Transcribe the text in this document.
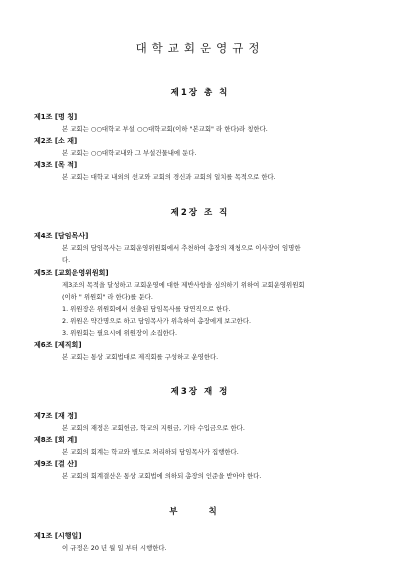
대학교회운영규정
제1장 총 칙
제1조 [명 칭]
본 교회는 ○○대학교 부설 ○○대학교회(이하 "본교회" 라 한다)라 칭한다.
제2조 [소 재]
본 교회는 ○○대학교내와 그 부설건물내에 둔다.
제3조 [목 적]
본 교회는 대학교 내외의 선교와 교회의 경신과 교회의 일치를 목적으로 한다.
제2장 조 직
제4조 [담임목사]
본 교회의 담임목사는 교회운영위원회에서 추천하여 총장의 재청으로 이사장이 임명한
다.
제5조 [교회운영위원회]
제3조의 목적을 달성하고 교회운영에 대한 제반사항을 심의하기 위하여 교회운영위원회
(이하 " 위원회" 라 한다)를 둔다.
1. 위원장은 위원회에서 선출된 담임목사를 당연직으로 한다.
2. 위원은 약간명으로 하고 담임목사가 위촉하여 총장에게 보고한다.
3. 위원회는 필요시에 위원장이 소집한다.
제6조 [제직회]
본 교회는 통상 교회법대로 제직회를 구성하고 운영한다.
제3장 재 정
제7조 [재 정]
본 교회의 재정은 교회헌금, 학교의 지원금, 기타 수입금으로 한다.
제8조 [회 계]
본 교회의 회계는 학교와 별도로 처리하되 담임목사가 집행한다.
제9조 [결 산]
본 교회의 회계결산은 통상 교회법에 의하되 총장의 인준을 받아야 한다.
부 칙
제1조 [시행일]
이 규정은 20 년 월 일 부터 시행한다.
